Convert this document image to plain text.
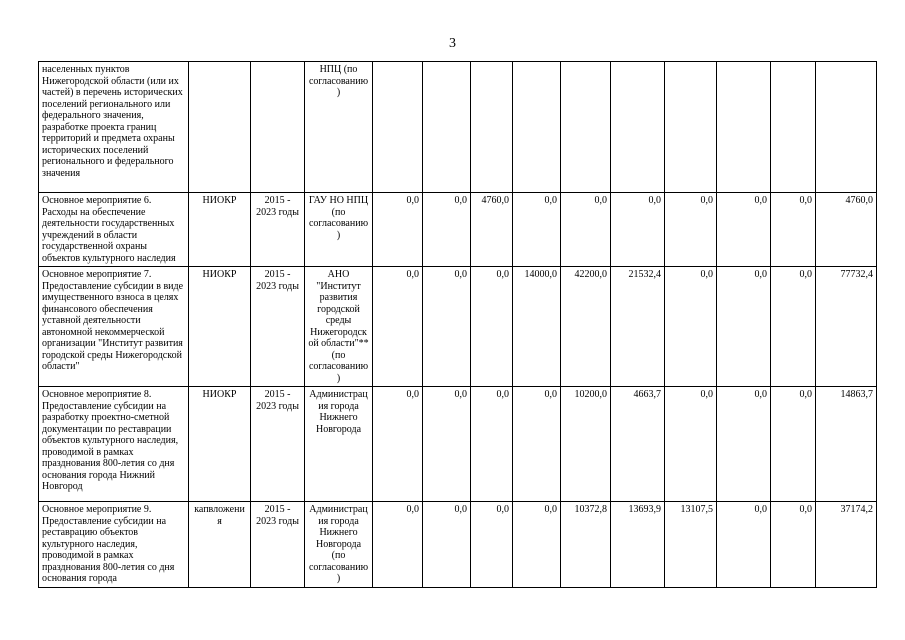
3
населенных пунктов Нижегородской области (или их частей) в перечень исторических поселений регионального или федерального значения, разработке проекта границ территорий и предмета охраны исторических поселений регионального и федерального значения			НПЦ (по согласованию)										
Основное мероприятие 6. Расходы на обеспечение деятельности государственных учреждений в области государственной охраны объектов культурного наследия	НИОКР	2015 - 2023 годы	ГАУ НО НПЦ (по согласованию)	0,0	0,0	4760,0	0,0	0,0	0,0	0,0	0,0	0,0	4760,0
Основное мероприятие 7. Предоставление субсидии в виде имущественного взноса в целях финансового обеспечения уставной деятельности автономной некоммерческой организации "Институт развития городской среды Нижегородской области"	НИОКР	2015 - 2023 годы	АНО "Институт развития городской среды Нижегородской области"** (по согласованию)	0,0	0,0	0,0	14000,0	42200,0	21532,4	0,0	0,0	0,0	77732,4
Основное мероприятие 8. Предоставление субсидии на разработку проектно-сметной документации по реставрации объектов культурного наследия, проводимой в рамках празднования 800-летия со дня основания города Нижний Новгород	НИОКР	2015 - 2023 годы	Администрация города Нижнего Новгорода	0,0	0,0	0,0	0,0	10200,0	4663,7	0,0	0,0	0,0	14863,7
Основное мероприятие 9. Предоставление субсидии на реставрацию объектов культурного наследия, проводимой в рамках празднования 800-летия со дня основания города	капвложения	2015 - 2023 годы	Администрация города Нижнего Новгорода (по согласованию)	0,0	0,0	0,0	0,0	10372,8	13693,9	13107,5	0,0	0,0	37174,2
